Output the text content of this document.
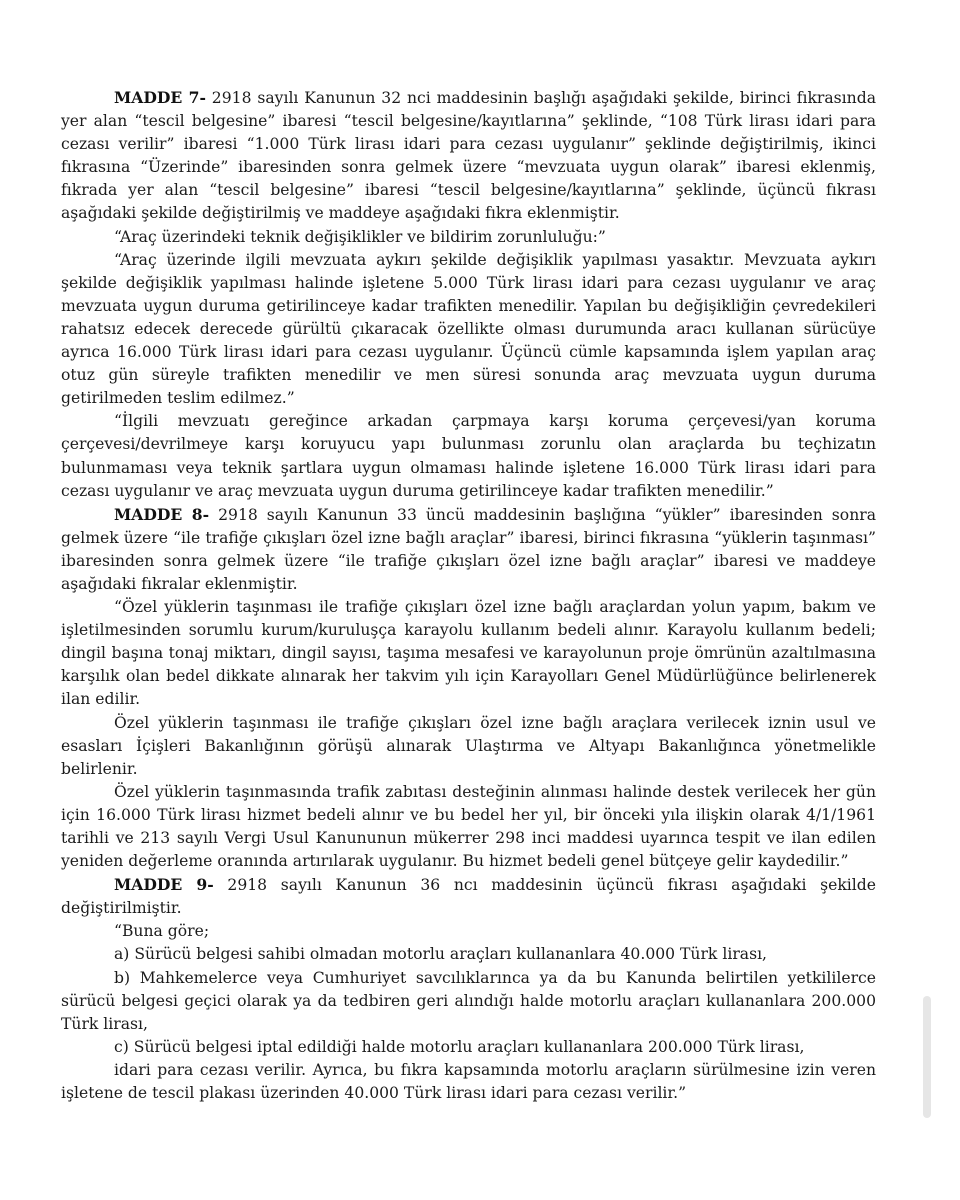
MADDE 7- 2918 sayılı Kanunun 32 nci maddesinin başlığı aşağıdaki şekilde, birinci fıkrasında yer alan “tescil belgesine” ibaresi “tescil belgesine/kayıtlarına” şeklinde, “108 Türk lirası idari para cezası verilir” ibaresi “1.000 Türk lirası idari para cezası uygulanır” şeklinde değiştirilmiş, ikinci fıkrasına “Üzerinde” ibaresinden sonra gelmek üzere “mevzuata uygun olarak” ibaresi eklenmiş, fıkrada yer alan “tescil belgesine” ibaresi “tescil belgesine/kayıtlarına” şeklinde, üçüncü fıkrası aşağıdaki şekilde değiştirilmiş ve maddeye aşağıdaki fıkra eklenmiştir.

“Araç üzerindeki teknik değişiklikler ve bildirim zorunluluğu:”

“Araç üzerinde ilgili mevzuata aykırı şekilde değişiklik yapılması yasaktır. Mevzuata aykırı şekilde değişiklik yapılması halinde işletene 5.000 Türk lirası idari para cezası uygulanır ve araç mevzuata uygun duruma getirilinceye kadar trafikten menedilir. Yapılan bu değişikliğin çevredekileri rahatsız edecek derecede gürültü çıkaracak özellikte olması durumunda aracı kullanan sürücüye ayrıca 16.000 Türk lirası idari para cezası uygulanır. Üçüncü cümle kapsamında işlem yapılan araç otuz gün süreyle trafikten menedilir ve men süresi sonunda araç mevzuata uygun duruma getirilmeden teslim edilmez.”

“İlgili mevzuatı gereğince arkadan çarpmaya karşı koruma çerçevesi/yan koruma çerçevesi/devrilmeye karşı koruyucu yapı bulunması zorunlu olan araçlarda bu teçhizatın bulunmaması veya teknik şartlara uygun olmaması halinde işletene 16.000 Türk lirası idari para cezası uygulanır ve araç mevzuata uygun duruma getirilinceye kadar trafikten menedilir.”

MADDE 8- 2918 sayılı Kanunun 33 üncü maddesinin başlığına “yükler” ibaresinden sonra gelmek üzere “ile trafiğe çıkışları özel izne bağlı araçlar” ibaresi, birinci fıkrasına “yüklerin taşınması” ibaresinden sonra gelmek üzere “ile trafiğe çıkışları özel izne bağlı araçlar” ibaresi ve maddeye aşağıdaki fıkralar eklenmiştir.

“Özel yüklerin taşınması ile trafiğe çıkışları özel izne bağlı araçlardan yolun yapım, bakım ve işletilmesinden sorumlu kurum/kuruluşça karayolu kullanım bedeli alınır. Karayolu kullanım bedeli; dingil başına tonaj miktarı, dingil sayısı, taşıma mesafesi ve karayolunun proje ömrünün azaltılmasına karşılık olan bedel dikkate alınarak her takvim yılı için Karayolları Genel Müdürlüğünce belirlenerek ilan edilir.

Özel yüklerin taşınması ile trafiğe çıkışları özel izne bağlı araçlara verilecek iznin usul ve esasları İçişleri Bakanlığının görüşü alınarak Ulaştırma ve Altyapı Bakanlığınca yönetmelikle belirlenir.

Özel yüklerin taşınmasında trafik zabıtası desteğinin alınması halinde destek verilecek her gün için 16.000 Türk lirası hizmet bedeli alınır ve bu bedel her yıl, bir önceki yıla ilişkin olarak 4/1/1961 tarihli ve 213 sayılı Vergi Usul Kanununun mükerrer 298 inci maddesi uyarınca tespit ve ilan edilen yeniden değerleme oranında artırılarak uygulanır. Bu hizmet bedeli genel bütçeye gelir kaydedilir.”

MADDE 9- 2918 sayılı Kanunun 36 ncı maddesinin üçüncü fıkrası aşağıdaki şekilde değiştirilmiştir.

“Buna göre;

a) Sürücü belgesi sahibi olmadan motorlu araçları kullananlara 40.000 Türk lirası,

b) Mahkemelerce veya Cumhuriyet savcılıklarınca ya da bu Kanunda belirtilen yetkililerce sürücü belgesi geçici olarak ya da tedbiren geri alındığı halde motorlu araçları kullananlara 200.000 Türk lirası,

c) Sürücü belgesi iptal edildiği halde motorlu araçları kullananlara 200.000 Türk lirası,

idari para cezası verilir. Ayrıca, bu fıkra kapsamında motorlu araçların sürülmesine izin veren işletene de tescil plakası üzerinden 40.000 Türk lirası idari para cezası verilir.”
